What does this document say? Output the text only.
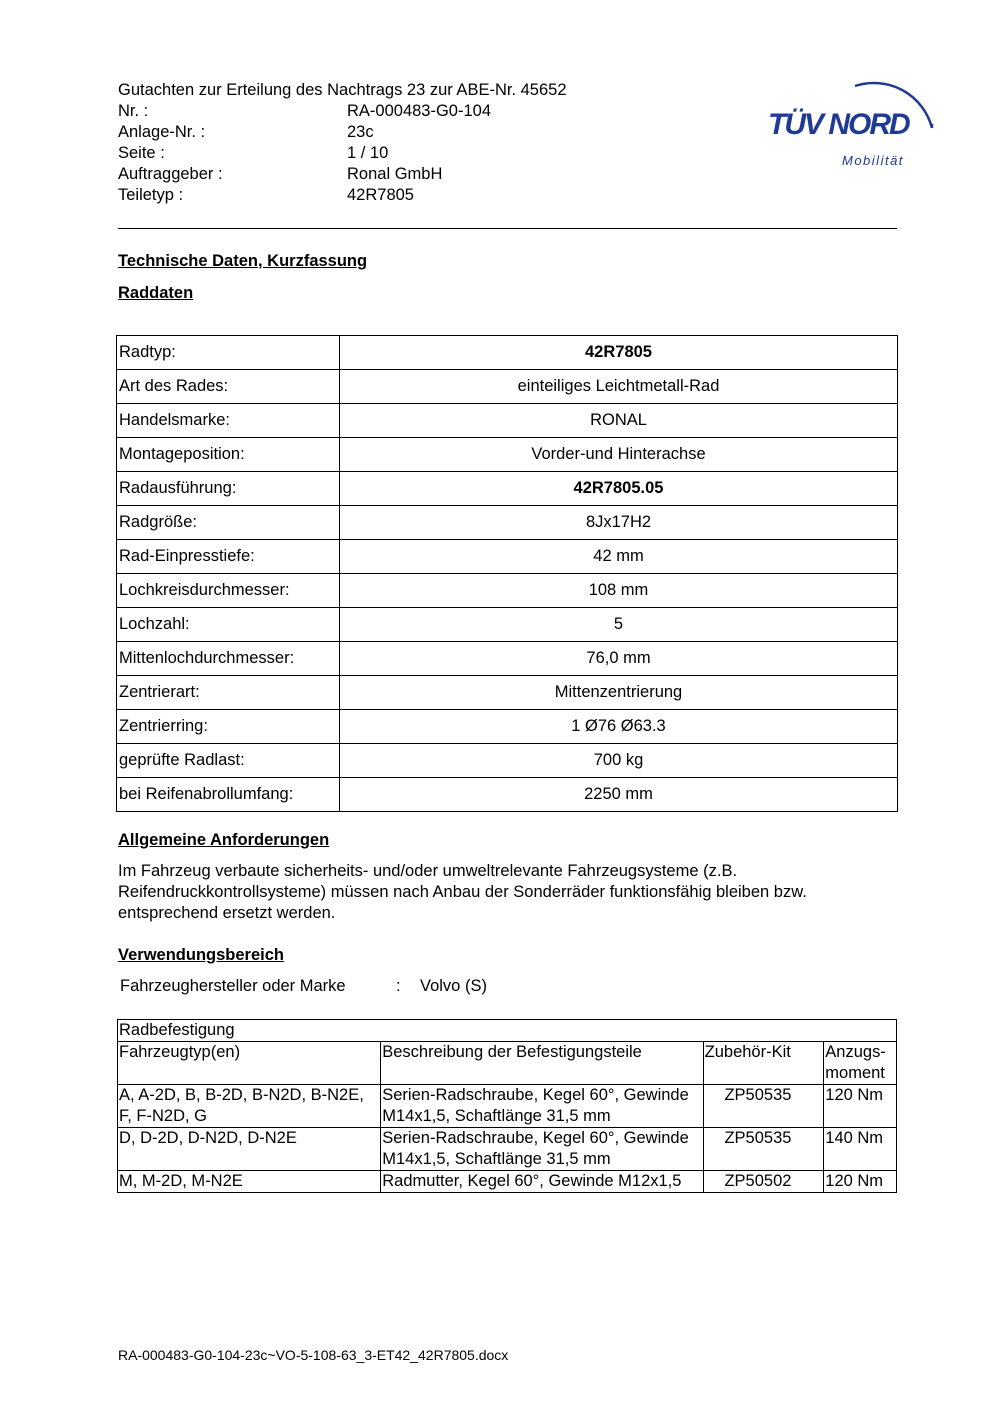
Gutachten zur Erteilung des Nachtrags 23 zur ABE-Nr. 45652
Nr. :	RA-000483-G0-104
Anlage-Nr. :	23c
Seite :	1 / 10
Auftraggeber :	Ronal GmbH
Teiletyp :	42R7805
TÜV NORD
Mobilität
Technische Daten, Kurzfassung
Raddaten
Radtyp:	42R7805
Art des Rades:	einteiliges Leichtmetall-Rad
Handelsmarke:	RONAL
Montageposition:	Vorder-und Hinterachse
Radausführung:	42R7805.05
Radgröße:	8Jx17H2
Rad-Einpresstiefe:	42 mm
Lochkreisdurchmesser:	108 mm
Lochzahl:	5
Mittenlochdurchmesser:	76,0 mm
Zentrierart:	Mittenzentrierung
Zentrierring:	1 Ø76 Ø63.3
geprüfte Radlast:	700 kg
bei Reifenabrollumfang:	2250 mm
Allgemeine Anforderungen
Im Fahrzeug verbaute sicherheits- und/oder umweltrelevante Fahrzeugsysteme (z.B. Reifendruckkontrollsysteme) müssen nach Anbau der Sonderräder funktionsfähig bleiben bzw. entsprechend ersetzt werden.
Verwendungsbereich
Fahrzeughersteller oder Marke	: Volvo (S)
Radbefestigung			
Fahrzeugtyp(en)	Beschreibung der Befestigungsteile	Zubehör-Kit	Anzugs-moment
A, A-2D, B, B-2D, B-N2D, B-N2E, F, F-N2D, G	Serien-Radschraube, Kegel 60°, Gewinde M14x1,5, Schaftlänge 31,5 mm	ZP50535	120 Nm
D, D-2D, D-N2D, D-N2E	Serien-Radschraube, Kegel 60°, Gewinde M14x1,5, Schaftlänge 31,5 mm	ZP50535	140 Nm
M, M-2D, M-N2E	Radmutter, Kegel 60°, Gewinde M12x1,5	ZP50502	120 Nm
RA-000483-G0-104-23c~VO-5-108-63_3-ET42_42R7805.docx
